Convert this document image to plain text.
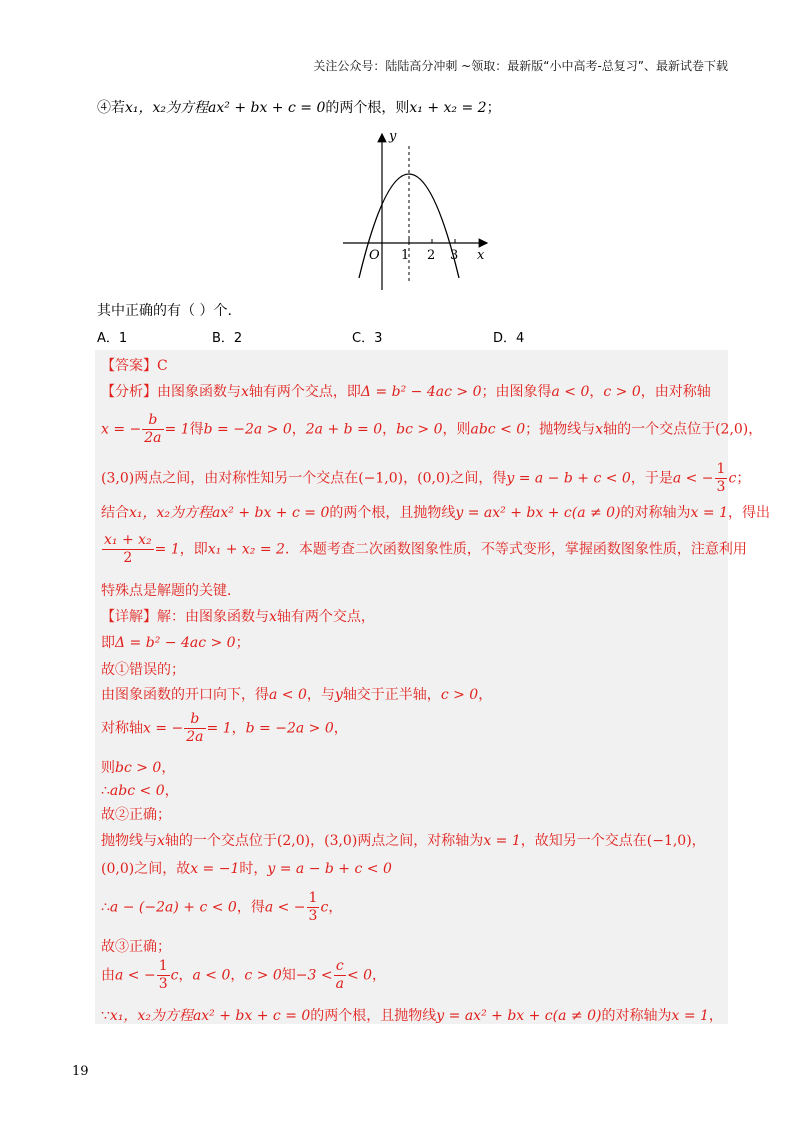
关注公众号：陆陆高分冲刺 ~领取：最新版“小中高考-总复习”、最新试卷下载
④若x₁，x₂为方程ax² + bx + c = 0的两个根，则x₁ + x₂ = 2；
O 1 2 3 x
y
其中正确的有（ ）个.
A．1	B．2	C．3	D．4
【答案】C
【分析】由图象函数与x轴有两个交点，即Δ = b² − 4ac > 0；由图象得a < 0，c > 0，由对称轴
x = − $\frac{b}{2a} = 1$得b = −2a > 0，2a + b = 0，bc > 0，则abc < 0；抛物线与x轴的一个交点位于(2,0)，
(3,0)两点之间，由对称性知另一个交点在(−1,0)，(0,0)之间，得y = a − b + c < 0，于是a < − $\frac{1}{3}$ c；
结合x₁，x₂为方程ax² + bx + c = 0的两个根，且抛物线y = ax² + bx + c(a ≠ 0)的对称轴为x = 1，得出
$\frac{\text{x₁ + x₂}}{2} = 1$，即x₁ + x₂ = 2．本题考查二次函数图象性质，不等式变形，掌握函数图象性质，注意利用
特殊点是解题的关键．
【详解】解：由图象函数与x轴有两个交点，
即Δ = b² − 4ac > 0；
故①错误的；
由图象函数的开口向下，得a < 0，与y轴交于正半轴，c > 0，
对称轴x = − $\frac{b}{2a} = 1$，b = −2a > 0，
则bc > 0，
∴abc < 0，
故②正确；
抛物线与x轴的一个交点位于(2,0)，(3,0)两点之间，对称轴为x = 1，故知另一个交点在(−1,0)，
(0,0)之间，故x = −1时，y = a − b + c < 0
∴a − (−2a) + c < 0，得a < − $\frac{1}{3}$ c，
故③正确；
由a < − $\frac{1}{3}$ c，a < 0，c > 0知$-3 < \frac{c}{a} < 0$，
∵x₁，x₂为方程ax² + bx + c = 0的两个根，且抛物线y = ax² + bx + c(a ≠ 0)的对称轴为x = 1，
19
